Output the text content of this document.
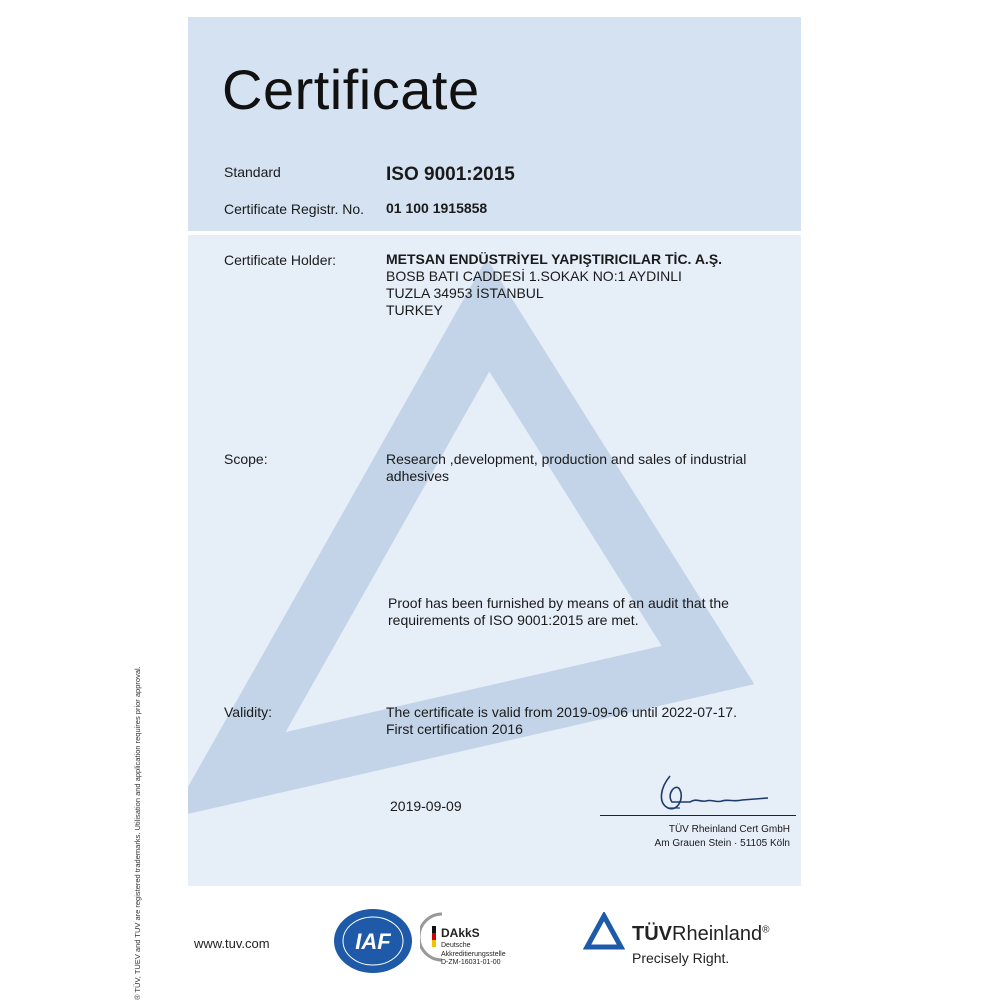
Certificate
Standard	ISO 9001:2015
Certificate Registr. No. 01 100 1915858
Certificate Holder:	METSAN ENDÜSTRİYEL YAPIŞTIRICILAR TİC. A.Ş.
BOSB BATI CADDESİ 1.SOKAK NO:1 AYDINLI
TUZLA 34953 İSTANBUL
TURKEY
Scope:	Research ,development, production and sales of industrial
adhesives
Proof has been furnished by means of an audit that the
requirements of ISO 9001:2015 are met.
Validity:	The certificate is valid from 2019-09-06 until 2022-07-17.
First certification 2016
2019-09-09
TÜV Rheinland Cert GmbH
Am Grauen Stein · 51105 Köln
® TÜV, TUEV and TUV are registered trademarks. Utilisation and application requires prior approval.	www.tuv.com	IAF	DAkkS
Deutsche
Akkreditierungsstelle
D-ZM-16031-01-00
TÜVRheinland®
Precisely Right.
